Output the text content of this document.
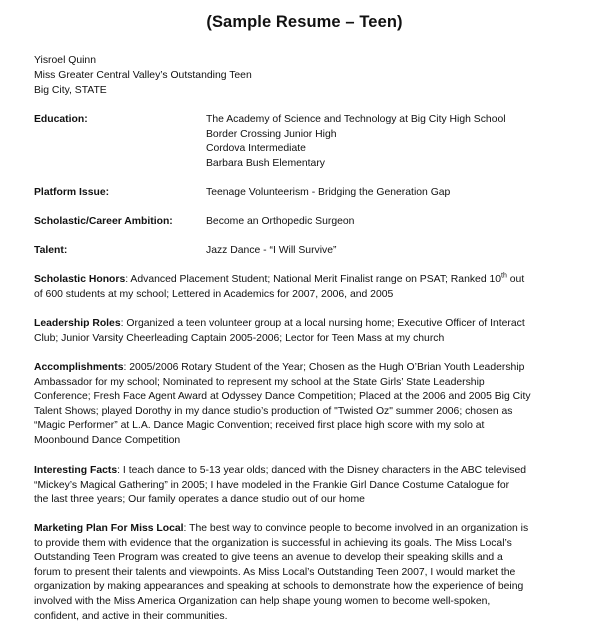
(Sample Resume – Teen)
Yisroel Quinn
Miss Greater Central Valley’s Outstanding Teen
Big City, STATE
Education:	The Academy of Science and Technology at Big City High School
Border Crossing Junior High
Cordova Intermediate
Barbara Bush Elementary
Platform Issue:	Teenage Volunteerism - Bridging the Generation Gap
Scholastic/Career Ambition:	Become an Orthopedic Surgeon
Talent:	Jazz Dance - “I Will Survive”
Scholastic Honors: Advanced Placement Student; National Merit Finalist range on PSAT; Ranked 10th out
of 600 students at my school; Lettered in Academics for 2007, 2006, and 2005
Leadership Roles: Organized a teen volunteer group at a local nursing home; Executive Officer of Interact
Club; Junior Varsity Cheerleading Captain 2005-2006; Lector for Teen Mass at my church
Accomplishments: 2005/2006 Rotary Student of the Year; Chosen as the Hugh O’Brian Youth Leadership
Ambassador for my school; Nominated to represent my school at the State Girls’ State Leadership
Conference; Fresh Face Agent Award at Odyssey Dance Competition; Placed at the 2006 and 2005 Big City
Talent Shows; played Dorothy in my dance studio’s production of "Twisted Oz" summer 2006; chosen as
“Magic Performer” at L.A. Dance Magic Convention; received first place high score with my solo at
Moonbound Dance Competition
Interesting Facts: I teach dance to 5-13 year olds; danced with the Disney characters in the ABC televised
“Mickey’s Magical Gathering” in 2005; I have modeled in the Frankie Girl Dance Costume Catalogue for
the last three years; Our family operates a dance studio out of our home
Marketing Plan For Miss Local: The best way to convince people to become involved in an organization is
to provide them with evidence that the organization is successful in achieving its goals. The Miss Local’s
Outstanding Teen Program was created to give teens an avenue to develop their speaking skills and a
forum to present their talents and viewpoints. As Miss Local’s Outstanding Teen 2007, I would market the
organization by making appearances and speaking at schools to demonstrate how the experience of being
involved with the Miss America Organization can help shape young women to become well-spoken,
confident, and active in their communities.
